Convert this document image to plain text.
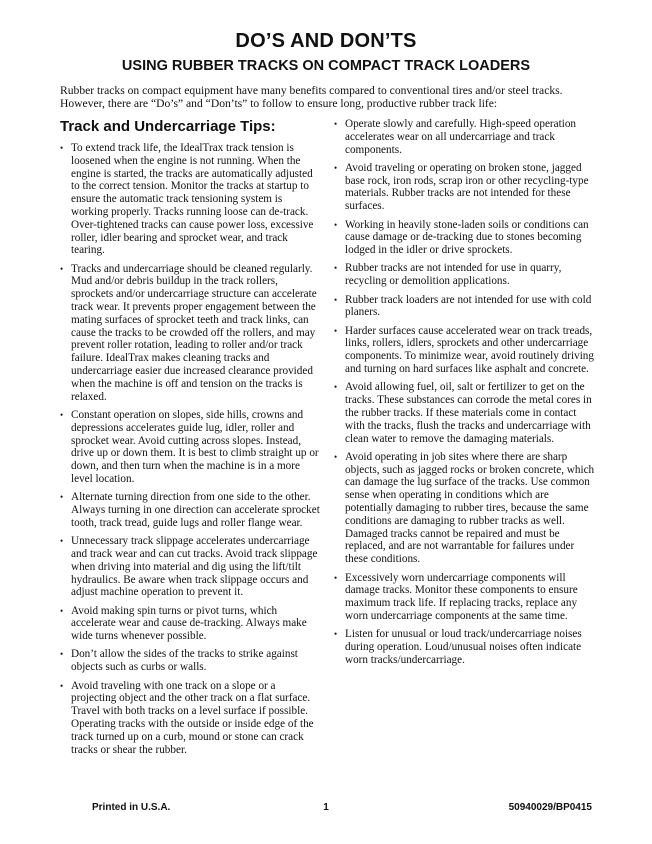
DO’S AND DON’TS
USING RUBBER TRACKS ON COMPACT TRACK LOADERS

Rubber tracks on compact equipment have many benefits compared to conventional tires and/or steel tracks. However, there are “Do’s” and “Don’ts” to follow to ensure long, productive rubber track life:

Track and Undercarriage Tips:
• To extend track life, the IdealTrax track tension is loosened when the engine is not running. When the engine is started, the tracks are automatically adjusted to the correct tension. Monitor the tracks at startup to ensure the automatic track tensioning system is working properly. Tracks running loose can de-track. Over-tightened tracks can cause power loss, excessive roller, idler bearing and sprocket wear, and track tearing.
• Tracks and undercarriage should be cleaned regularly. Mud and/or debris buildup in the track rollers, sprockets and/or undercarriage structure can accelerate track wear. It prevents proper engagement between the mating surfaces of sprocket teeth and track links, can cause the tracks to be crowded off the rollers, and may prevent roller rotation, leading to roller and/or track failure. IdealTrax makes cleaning tracks and undercarriage easier due increased clearance provided when the machine is off and tension on the tracks is relaxed.
• Constant operation on slopes, side hills, crowns and depressions accelerates guide lug, idler, roller and sprocket wear. Avoid cutting across slopes. Instead, drive up or down them. It is best to climb straight up or down, and then turn when the machine is in a more level location.
• Alternate turning direction from one side to the other. Always turning in one direction can accelerate sprocket tooth, track tread, guide lugs and roller flange wear.
• Unnecessary track slippage accelerates undercarriage and track wear and can cut tracks. Avoid track slippage when driving into material and dig using the lift/tilt hydraulics. Be aware when track slippage occurs and adjust machine operation to prevent it.
• Avoid making spin turns or pivot turns, which accelerate wear and cause de-tracking. Always make wide turns whenever possible.
• Don’t allow the sides of the tracks to strike against objects such as curbs or walls.
• Avoid traveling with one track on a slope or a projecting object and the other track on a flat surface. Travel with both tracks on a level surface if possible. Operating tracks with the outside or inside edge of the track turned up on a curb, mound or stone can crack tracks or shear the rubber.
• Operate slowly and carefully. High-speed operation accelerates wear on all undercarriage and track components.
• Avoid traveling or operating on broken stone, jagged base rock, iron rods, scrap iron or other recycling-type materials. Rubber tracks are not intended for these surfaces.
• Working in heavily stone-laden soils or conditions can cause damage or de-tracking due to stones becoming lodged in the idler or drive sprockets.
• Rubber tracks are not intended for use in quarry, recycling or demolition applications.
• Rubber track loaders are not intended for use with cold planers.
• Harder surfaces cause accelerated wear on track treads, links, rollers, idlers, sprockets and other undercarriage components. To minimize wear, avoid routinely driving and turning on hard surfaces like asphalt and concrete.
• Avoid allowing fuel, oil, salt or fertilizer to get on the tracks. These substances can corrode the metal cores in the rubber tracks. If these materials come in contact with the tracks, flush the tracks and undercarriage with clean water to remove the damaging materials.
• Avoid operating in job sites where there are sharp objects, such as jagged rocks or broken concrete, which can damage the lug surface of the tracks. Use common sense when operating in conditions which are potentially damaging to rubber tires, because the same conditions are damaging to rubber tracks as well. Damaged tracks cannot be repaired and must be replaced, and are not warrantable for failures under these conditions.
• Excessively worn undercarriage components will damage tracks. Monitor these components to ensure maximum track life. If replacing tracks, replace any worn undercarriage components at the same time.
• Listen for unusual or loud track/undercarriage noises during operation. Loud/unusual noises often indicate worn tracks/undercarriage.
Printed in U.S.A.	1	50940029/BP0415
